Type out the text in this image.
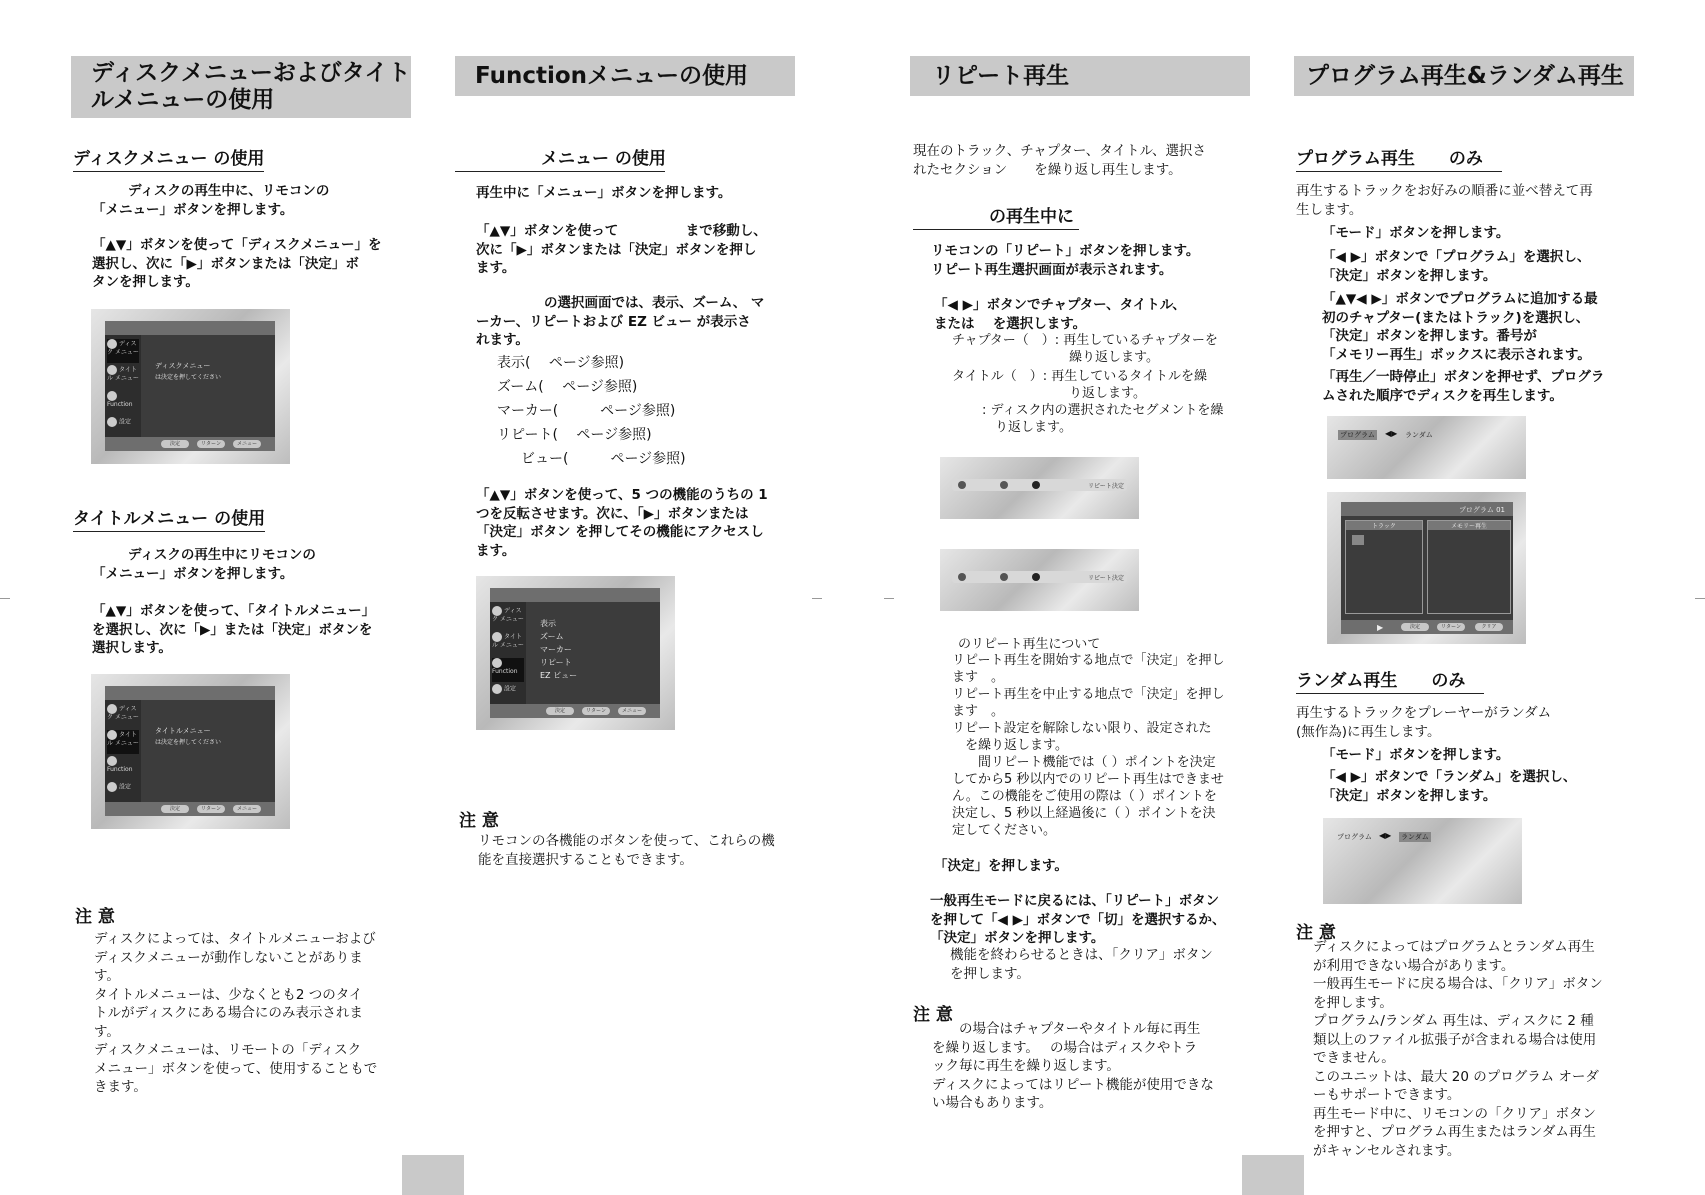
ディスクメニューおよびタイト
ルメニューの使用
ディスクメニュー の使用
ディスクの再生中に、リモコンの
「メニュー」ボタンを押します。
「▲▼」ボタンを使って「ディスクメニュー」を
選択し、次に「▶」ボタンまたは「決定」ボ
タンを押します。
ディスク メニュー
タイトル メニュー
Function
設定
ディスクメニュー
は決定を押してください
決定	リターン	メニュー
タイトルメニュー の使用
ディスクの再生中にリモコンの
「メニュー」ボタンを押します。
「▲▼」ボタンを使って、「タイトルメニュー」
を選択し、次に「▶」または「決定」ボタンを
選択します。
ディスク メニュー
タイトル メニュー
Function
設定
タイトルメニュー
は決定を押してください
決定	リターン	メニュー
注 意
ディスクによっては、タイトルメニューおよび
ディスクメニューが動作しないことがありま
す。
タイトルメニューは、少なくとも2 つのタイ
トルがディスクにある場合にのみ表示されま
す。
ディスクメニューは、リモートの「ディスク
メニュー」ボタンを使って、使用することもで
きます。
Functionメニューの使用
メニュー の使用
再生中に「メニュー」ボタンを押します。
「▲▼」ボタンを使って　　　　　まで移動し、
次に「▶」ボタンまたは「決定」ボタンを押し
ます。
の選択画面では、表示、ズーム、 マ
ーカー、リピートおよび EZ ビュー が表示さ
れます。
表示(　 ページ参照)
ズーム(　 ページ参照)
マーカー(　　　ページ参照)
リピート(　 ページ参照)
ビュー(　　　ページ参照)
「▲▼」ボタンを使って、5 つの機能のうちの 1
つを反転させます。次に、「▶」ボタンまたは
「決定」ボタン を押してその機能にアクセスし
ます。
ディスク メニュー
タイトル メニュー
Function
設定
表示
ズーム
マーカー
リピート
EZ ビュー
決定	リターン	メニュー
注 意
リモコンの各機能のボタンを使って、これらの機
能を直接選択することもできます。
リピート再生
現在のトラック、チャプター、タイトル、選択さ
れたセクション　　を繰り返し再生します。
の再生中に
リモコンの「リピート」ボタンを押します。
リピート再生選択画面が表示されます。
「◀ ▶」ボタンでチャプター、タイトル、
または　 を選択します。
チャプター（　）: 再生しているチャプターを
　　　　　　　　　繰り返します。
タイトル（　）: 再生しているタイトルを繰
　　　　　　　　　り返します。
: ディスク内の選択されたセグメントを繰
　り返します。
リピート 決定
リピート 決定
のリピート再生について
リピート再生を開始する地点で「決定」を押し
ます　。
リピート再生を中止する地点で「決定」を押し
ます　。
リピート設定を解除しない限り、設定された
　を繰り返します。
　　間リピート機能では（ ）ポイントを決定
してから5 秒以内でのリピート再生はできませ
ん。この機能をご使用の際は（ ）ポイントを
決定し、5 秒以上経過後に（ ）ポイントを決
定してください。
「決定」を押します。
一般再生モードに戻るには、「リピート」ボタン
を押して「◀ ▶」ボタンで「切」を選択するか、
「決定」ボタンを押します。
機能を終わらせるときは、「クリア」ボタン
を押します。
注 意
　　の場合はチャプターやタイトル毎に再生
を繰り返します。　 の場合はディスクやトラ
ック毎に再生を繰り返します。
ディスクによってはリピート機能が使用できな
い場合もあります。
プログラム再生&ランダム再生
プログラム再生　　のみ
再生するトラックをお好みの順番に並べ替えて再
生します。
「モード」ボタンを押します。
「◀ ▶」ボタンで「プログラム」を選択し、
「決定」ボタンを押します。
「▲▼◀ ▶」ボタンでプログラムに追加する最
初のチャプター(またはトラック)を選択し、
「決定」ボタンを押します。番号が
「メモリー再生」ボックスに表示されます。
「再生／一時停止」ボタンを押せず、プログラ
ムされた順序でディスクを再生します。
プログラム ◀▶ ランダム
プログラム 01
トラック	メモリー再生
▶	決定	リターン	クリア
ランダム再生　　のみ
再生するトラックをプレーヤーがランダム
(無作為)に再生します。
「モード」ボタンを押します。
「◀ ▶」ボタンで「ランダム」を選択し、
「決定」ボタンを押します。
プログラム ◀▶ ランダム
注 意
ディスクによってはプログラムとランダム再生
が利用できない場合があります。
一般再生モードに戻る場合は、「クリア」ボタン
を押します。
プログラム/ランダム 再生は、ディスクに 2 種
類以上のファイル拡張子が含まれる場合は使用
できません。
このユニットは、最大 20 のプログラム オーダ
ーもサポートできます。
再生モード中に、リモコンの「クリア」ボタン
を押すと、プログラム再生またはランダム再生
がキャンセルされます。
